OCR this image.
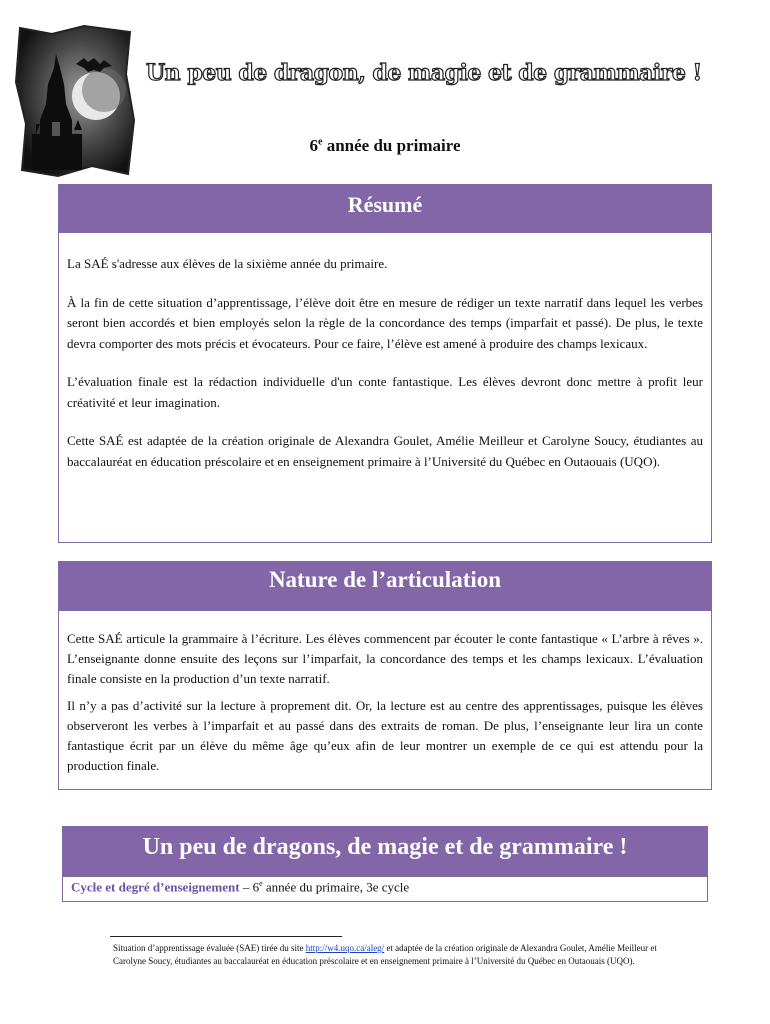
Un peu de dragon, de magie et de grammaire !
6e année du primaire
Résumé

La SAÉ s'adresse aux élèves de la sixième année du primaire.

À la fin de cette situation d’apprentissage, l’élève doit être en mesure de rédiger un texte narratif dans lequel les verbes seront bien accordés et bien employés selon la règle de la concordance des temps (imparfait et passé). De plus, le texte devra comporter des mots précis et évocateurs. Pour ce faire, l’élève est amené à produire des champs lexicaux.

L’évaluation finale est la rédaction individuelle d'un conte fantastique. Les élèves devront donc mettre à profit leur créativité et leur imagination.

Cette SAÉ est adaptée de la création originale de Alexandra Goulet, Amélie Meilleur et Carolyne Soucy, étudiantes au baccalauréat en éducation préscolaire et en enseignement primaire à l’Université du Québec en Outaouais (UQO).

Nature de l’articulation

Cette SAÉ articule la grammaire à l’écriture. Les élèves commencent par écouter le conte fantastique « L’arbre à rêves ». L’enseignante donne ensuite des leçons sur l’imparfait, la concordance des temps et les champs lexicaux. L’évaluation finale consiste en la production d’un texte narratif.

Il n’y a pas d’activité sur la lecture à proprement dit. Or, la lecture est au centre des apprentissages, puisque les élèves observeront les verbes à l’imparfait et au passé dans des extraits de roman. De plus, l’enseignante leur lira un conte fantastique écrit par un élève du même âge qu’eux afin de leur montrer un exemple de ce qui est attendu pour la production finale.

Un peu de dragons, de magie et de grammaire !
Cycle et degré d’enseignement – 6e année du primaire, 3e cycle
Situation d’apprentissage évaluée (SAE) tirée du site http://w4.uqo.ca/aleg/ et adaptée de la création originale de Alexandra Goulet, Amélie Meilleur et Carolyne Soucy, étudiantes au baccalauréat en éducation préscolaire et en enseignement primaire à l’Université du Québec en Outaouais (UQO).
